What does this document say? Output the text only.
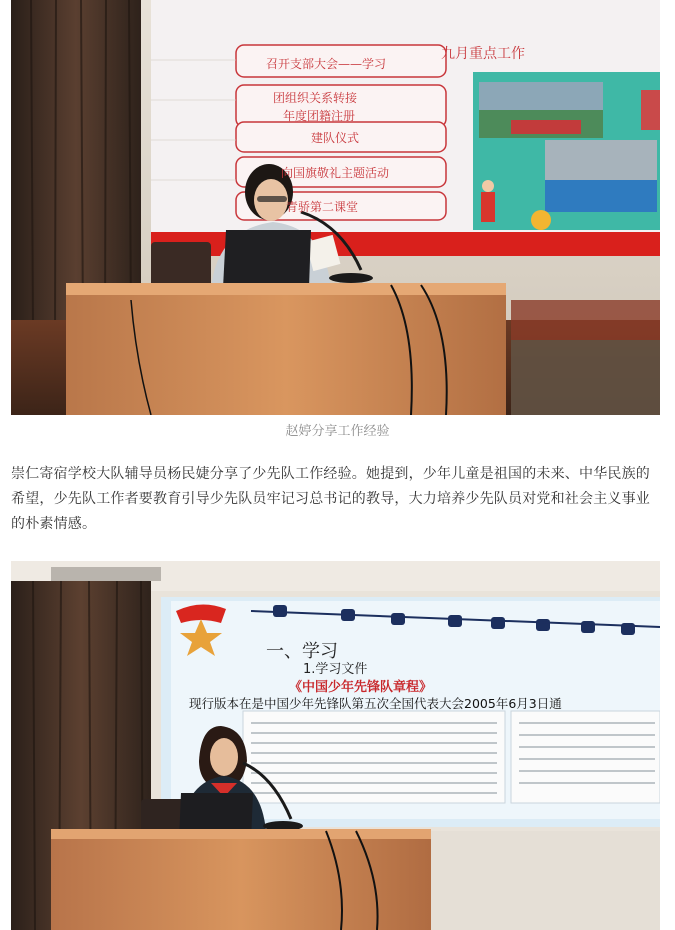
九月重点工作
召开支部大会——学习
团组织关系转接
年度团籍注册
建队仪式
向国旗敬礼主题活动
青骄第二课堂
赵婷分享工作经验
崇仁寄宿学校大队辅导员杨民婕分享了少先队工作经验。她提到，少年儿童是祖国的未来、中华民族的希望，少先队工作者要教育引导少先队员牢记习总书记的教导，大力培养少先队员对党和社会主义事业的朴素情感。
一、学习
1.学习文件
《中国少年先锋队章程》
现行版本在是中国少年先锋队第五次全国代表大会2005年6月3日通
